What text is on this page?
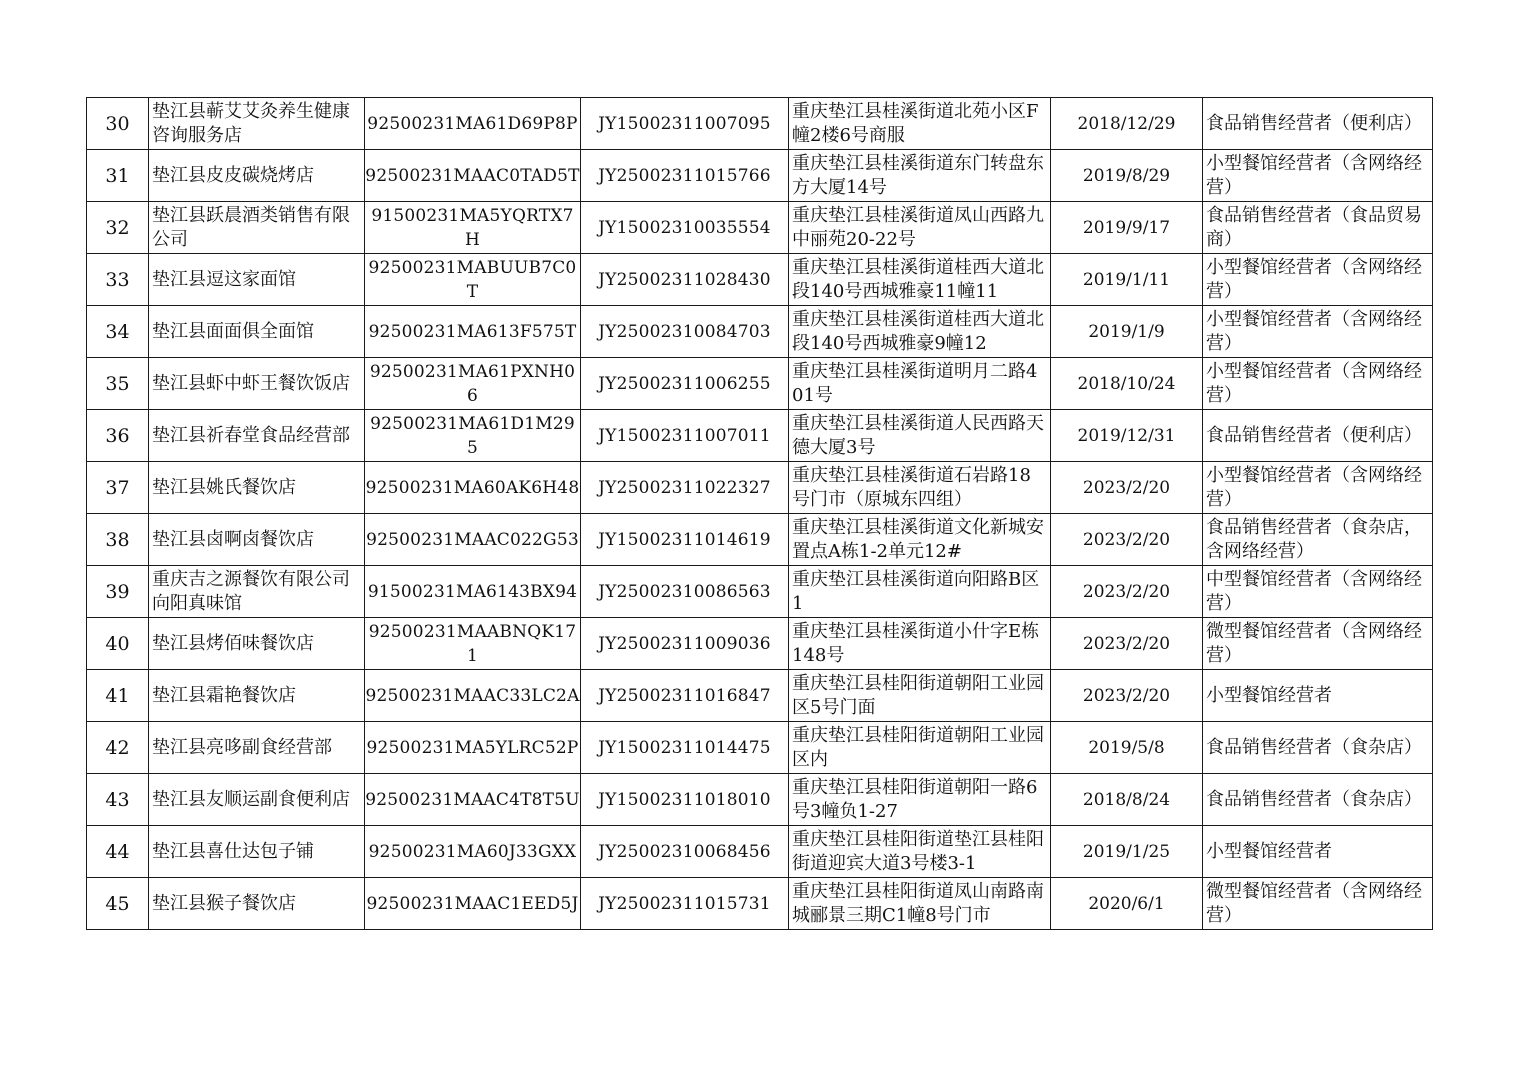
30	垫江县蕲艾艾灸养生健康咨询服务店	92500231MA61D69P8P	JY15002311007095	重庆垫江县桂溪街道北苑小区F幢2楼6号商服	2018/12/29	食品销售经营者（便利店）

31	垫江县皮皮碳烧烤店	92500231MAAC0TAD5T	JY25002311015766	重庆垫江县桂溪街道东门转盘东方大厦14号	2019/8/29	小型餐馆经营者（含网络经营）

32	垫江县跃晨酒类销售有限公司	91500231MA5YQRTX7H	JY15002310035554	重庆垫江县桂溪街道凤山西路九中丽苑20-22号	2019/9/17	食品销售经营者（食品贸易商）

33	垫江县逗这家面馆	92500231MABUUB7C0T	JY25002311028430	重庆垫江县桂溪街道桂西大道北段140号西城雅豪11幢11	2019/1/11	小型餐馆经营者（含网络经营）

34	垫江县面面俱全面馆	92500231MA613F575T	JY25002310084703	重庆垫江县桂溪街道桂西大道北段140号西城雅豪9幢12	2019/1/9	小型餐馆经营者（含网络经营）

35	垫江县虾中虾王餐饮饭店	92500231MA61PXNH06	JY25002311006255	重庆垫江县桂溪街道明月二路401号	2018/10/24	小型餐馆经营者（含网络经营）

36	垫江县祈春堂食品经营部	92500231MA61D1M295	JY15002311007011	重庆垫江县桂溪街道人民西路天德大厦3号	2019/12/31	食品销售经营者（便利店）

37	垫江县姚氏餐饮店	92500231MA60AK6H48	JY25002311022327	重庆垫江县桂溪街道石岩路18号门市（原城东四组）	2023/2/20	小型餐馆经营者（含网络经营）

38	垫江县卤啊卤餐饮店	92500231MAAC022G53	JY15002311014619	重庆垫江县桂溪街道文化新城安置点A栋1-2单元12#	2023/2/20	食品销售经营者（食杂店，含网络经营）

39	重庆吉之源餐饮有限公司向阳真味馆	91500231MA6143BX94	JY25002310086563	重庆垫江县桂溪街道向阳路B区1	2023/2/20	中型餐馆经营者（含网络经营）

40	垫江县烤佰味餐饮店	92500231MAABNQK171	JY25002311009036	重庆垫江县桂溪街道小什字E栋148号	2023/2/20	微型餐馆经营者（含网络经营）

41	垫江县霜艳餐饮店	92500231MAAC33LC2A	JY25002311016847	重庆垫江县桂阳街道朝阳工业园区5号门面	2023/2/20	小型餐馆经营者

42	垫江县亮哆副食经营部	92500231MA5YLRC52P	JY15002311014475	重庆垫江县桂阳街道朝阳工业园区内	2019/5/8	食品销售经营者（食杂店）

43	垫江县友顺运副食便利店	92500231MAAC4T8T5U	JY15002311018010	重庆垫江县桂阳街道朝阳一路6号3幢负1-27	2018/8/24	食品销售经营者（食杂店）

44	垫江县喜仕达包子铺	92500231MA60J33GXX	JY25002310068456	重庆垫江县桂阳街道垫江县桂阳街道迎宾大道3号楼3-1	2019/1/25	小型餐馆经营者

45	垫江县猴子餐饮店	92500231MAAC1EED5J	JY25002311015731	重庆垫江县桂阳街道凤山南路南城郦景三期C1幢8号门市	2020/6/1	微型餐馆经营者（含网络经营）
